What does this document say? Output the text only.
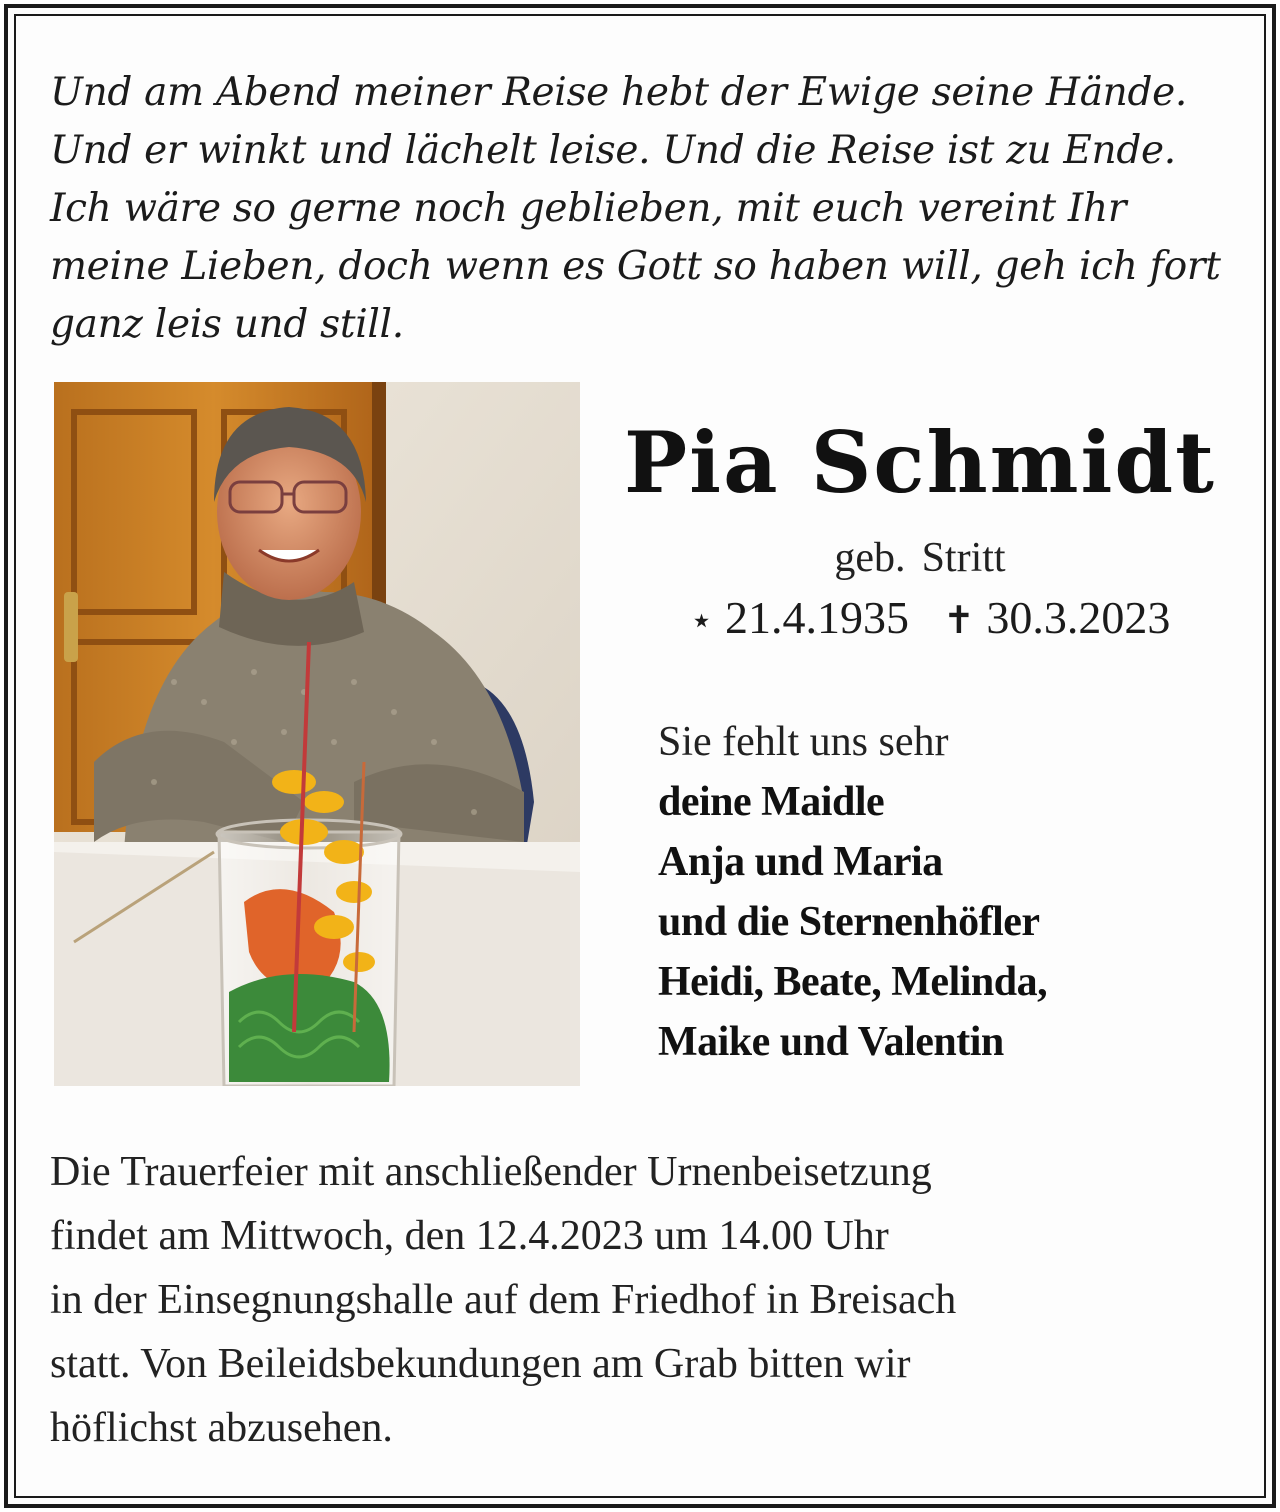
Und am Abend meiner Reise hebt der Ewige seine Hände.
Und er winkt und lächelt leise. Und die Reise ist zu Ende.
Ich wäre so gerne noch geblieben, mit euch vereint Ihr
meine Lieben, doch wenn es Gott so haben will, geh ich fort
ganz leis und still.
Pia Schmidt
geb. Stritt
⋆ 21.4.1935 ✝ 30.3.2023
Sie fehlt uns sehr
deine Maidle
Anja und Maria
und die Sternenhöfler
Heidi, Beate, Melinda,
Maike und Valentin
Die Trauerfeier mit anschließender Urnenbeisetzung
findet am Mittwoch, den 12.4.2023 um 14.00 Uhr
in der Einsegnungshalle auf dem Friedhof in Breisach
statt. Von Beileidsbekundungen am Grab bitten wir
höflichst abzusehen.
